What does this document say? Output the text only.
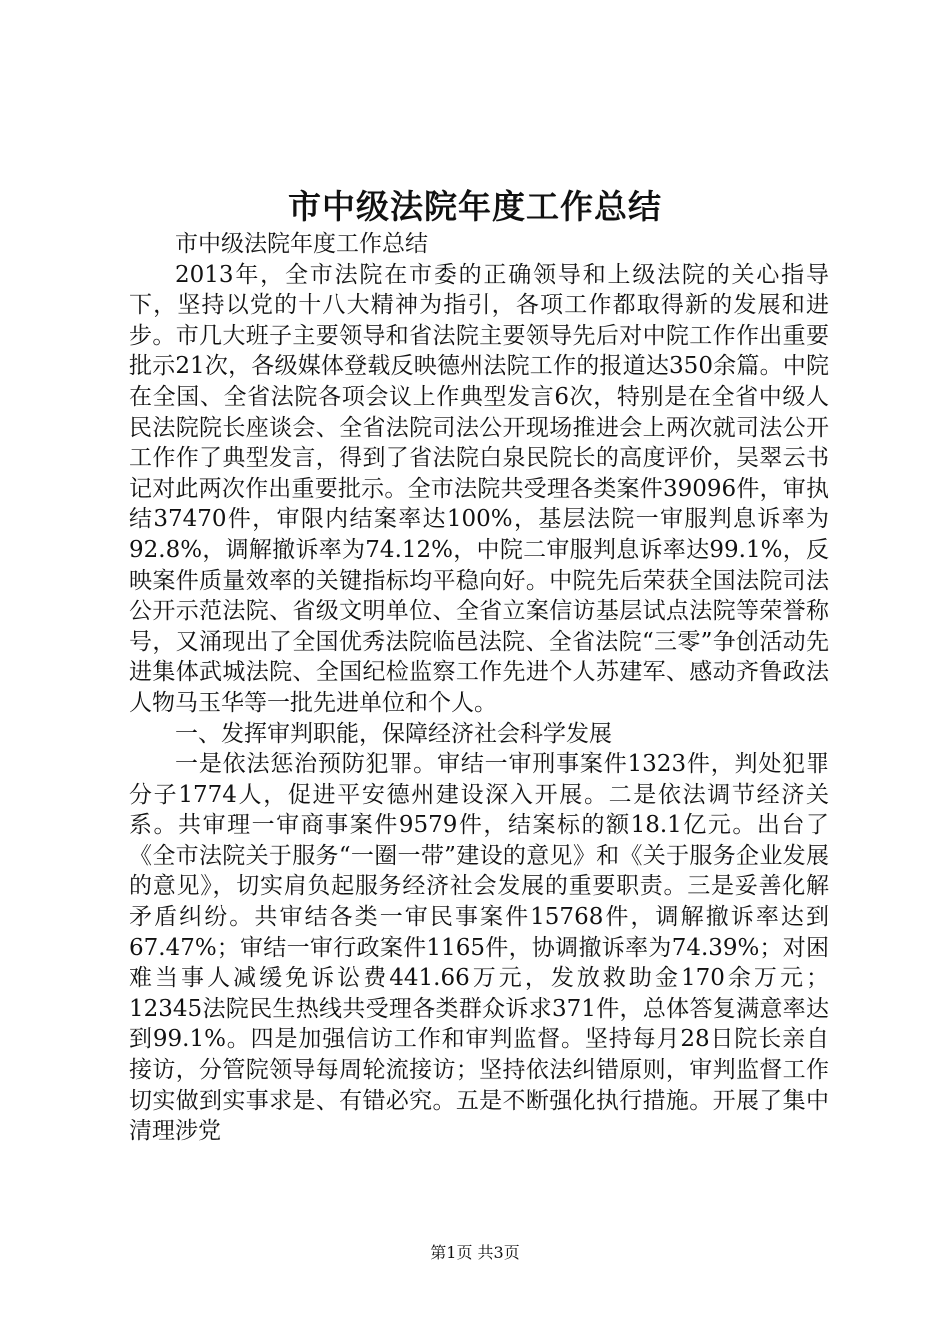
市中级法院年度工作总结

市中级法院年度工作总结

2013年，全市法院在市委的正确领导和上级法院的关心指导下，坚持以党的十八大精神为指引，各项工作都取得新的发展和进步。市几大班子主要领导和省法院主要领导先后对中院工作作出重要批示21次，各级媒体登载反映德州法院工作的报道达350余篇。中院在全国、全省法院各项会议上作典型发言6次，特别是在全省中级人民法院院长座谈会、全省法院司法公开现场推进会上两次就司法公开工作作了典型发言，得到了省法院白泉民院长的高度评价，吴翠云书记对此两次作出重要批示。全市法院共受理各类案件39096件，审执结37470件，审限内结案率达100%，基层法院一审服判息诉率为92.8%，调解撤诉率为74.12%，中院二审服判息诉率达99.1%，反映案件质量效率的关键指标均平稳向好。中院先后荣获全国法院司法公开示范法院、省级文明单位、全省立案信访基层试点法院等荣誉称号，又涌现出了全国优秀法院临邑法院、全省法院“三零”争创活动先进集体武城法院、全国纪检监察工作先进个人苏建军、感动齐鲁政法人物马玉华等一批先进单位和个人。

一、发挥审判职能，保障经济社会科学发展

一是依法惩治预防犯罪。审结一审刑事案件1323件，判处犯罪分子1774人，促进平安德州建设深入开展。二是依法调节经济关系。共审理一审商事案件9579件，结案标的额18.1亿元。出台了《全市法院关于服务“一圈一带”建设的意见》和《关于服务企业发展的意见》，切实肩负起服务经济社会发展的重要职责。三是妥善化解矛盾纠纷。共审结各类一审民事案件15768件，调解撤诉率达到67.47%；审结一审行政案件1165件，协调撤诉率为74.39%；对困难当事人减缓免诉讼费441.66万元，发放救助金170余万元；12345法院民生热线共受理各类群众诉求371件，总体答复满意率达到99.1%。四是加强信访工作和审判监督。坚持每月28日院长亲自接访，分管院领导每周轮流接访；坚持依法纠错原则，审判监督工作切实做到实事求是、有错必究。五是不断强化执行措施。开展了集中清理涉党

第1页 共3页
